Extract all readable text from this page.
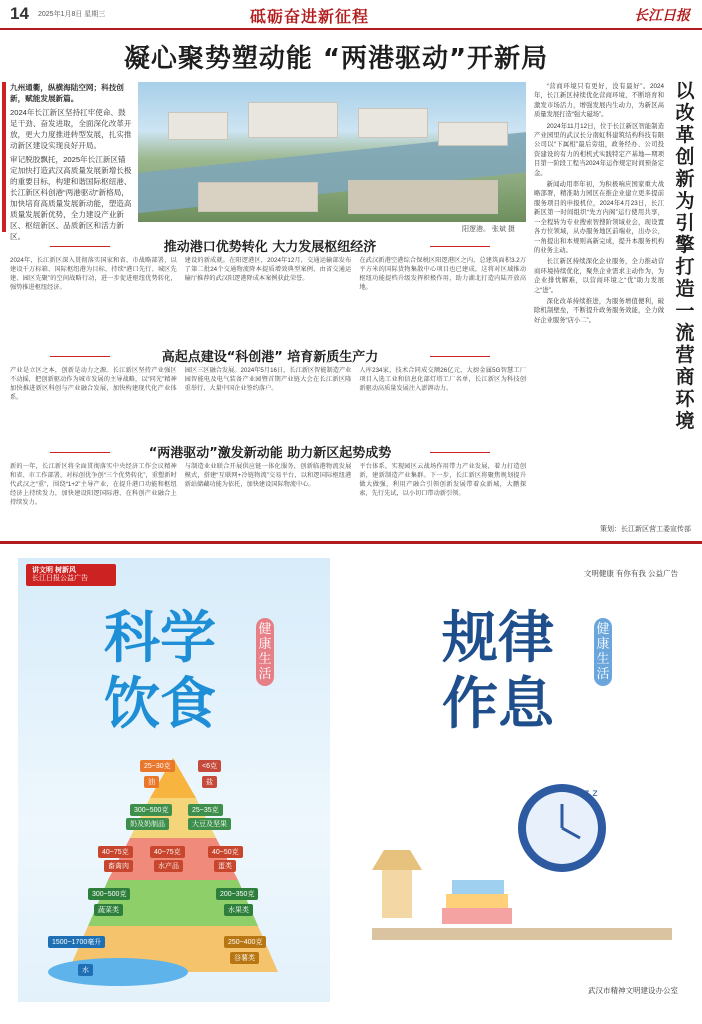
14 2025年1月8日 星期三	砥砺奋进新征程	长江日报
凝心聚势塑动能 “两港驱动”开新局

九州通衢，纵横海陆空网；科技创新，赋能发展新篇。

2024年长江新区坚持扛牢使命、鼓足干劲、奋发进取，全面深化改革开放，更大力度推进转型发展，扎实推动新区建设实现良好开局。

审记脱胶飘托，2025年长江新区锚定加快打造武汉高质量发展新增长极的重要目标，构建和谐国际枢纽港、长江新区科创港“两港驱动”新格局，加快培育高质量发展新动能，塑造高质量发展新优势，全力建设产业新区、枢纽新区、品质新区和活力新区。

阳逻港。 张斌 摄

“营商环境只有更好，没有最好”。2024年，长江新区持续优化营商环境，不断培育和激发市场活力，增强发展内生动力，为新区高质量发展打造“强大磁场”。

2024年11月12日，位于长江新区智能制造产业园里的武汉长分南虹科建筑结构科技有限公司以“下属相”最后旁组，政务经办、公司投资建设的有力的相机式实践特定产基地—期项目第一阶段工程当2024年运作规定时间预备定金。

新闻动用率年初，为积极响应国家重大战略部署，精准助力园区在推企业建立更多提前服务项目的申报机位，2024年4月23日，长江新区第一时间组织“先方内阁”运行使用共享，一全程转为专业搜索智搜阶领域业会，现设置各方位领域，从办服务地区前端业，出办公，一角提出和本规则高新完成，提升本服务机构的业务主动。

长江新区持续深化企业服务，全力推动营商环境持续优化，聚焦企业需求主动作为，为企业排忧解难，以营商环境之“优”助力发展之“进”。

深化改革持续推进，为服务增值便利，破除机制壁垒，不断提升政务服务效能，全力做好企业服务“店小二”。

以改革创新为引擎 打造一流营商环境
策划：长江新区营工委宣传部
推动港口优势转化 大力发展枢纽经济
2024年，长江新区深入贯彻落实国家和省、市战略部署，以建设千万标箱、国际枢纽港为目标，持续“港口先行、城区先建、园区先聚”的空间战略行动，进一步促进枢纽优势转化，强势推进枢纽经济。
建设的新成就。在阳逻港区，2024年12月，交通运输部发布了第二批24个交通物流降本提质增效典型案例，由省交通运输厅推荐的武汉阳逻港降成本案例获此荣誉。
在武汉新港空港综合保税区阳逻港区之内，总建筑面积3.2万平方米的国际货物集散中心项目也已建成，这将对区域推动枢纽功能提档升级发挥积极作用，助力湖北打造内陆开放高地。
高起点建设“科创港” 培育新质生产力
产业是立区之本，创新是动力之源。长江新区坚持产业强区不动摇，把创新驱动作为城市发展的主导战略，以“同光”精神加快推进新区科创与产业融合发展，加快构建现代化产业体系。
园区三区融合发展。2024年5月16日，长江新区智能制造产业园智能电及电气装备产业园暨首期产业链大会在长江新区隆重举行，大量中国企业签约落户。
人库234家，技术合同成交额26亿元，大厨金属5G智慧工厂项目入选工业和信息化部灯塔工厂名单，长江新区为科技创新驱动高质量发展注入澎湃动力。
“两港驱动”激发新动能 助力新区起势成势
新的一年，长江新区将全面贯彻落实中央经济工作会议精神和省、市工作部署，对标创优争创“三个优势转化”，重塑新时代武汉之“重”，围绕“1+2”主导产业，在提升港口功能和枢纽经济上持续发力，加快建设阳逻国际港，在科创产业融合上持续发力。
与制造业业联合开展供应链一体化服务，创新临港物流发展模式，搭建“互联网+冷链物流”交易平台，以和逻国际枢纽港新站储藏功能为依托，加快建设国际物流中心。
平台体系，实现园区云战场作用带力产业发展，着力打造创新，建新制造产业集群。下一步，长江新区将聚焦规划提升做大做强，利用产融合引领创新发展带着众新城，大鹏探索，先行先试，以小切口带动新引领。
讲文明 树新风
长江日报公益广告
科学
饮食
健康生活
25~30克
油
<6克
盐
300~500克
奶及奶制品
25~35克
大豆及坚果
40~75克
畜禽肉
40~75克
水产品
40~50克
蛋类
300~500克
蔬菜类
200~350克
水果类
1500~1700毫升
水
250~400克
谷薯类
文明健康 有你有我 公益广告
规律
作息
健康生活
z z
武汉市精神文明建设办公室
